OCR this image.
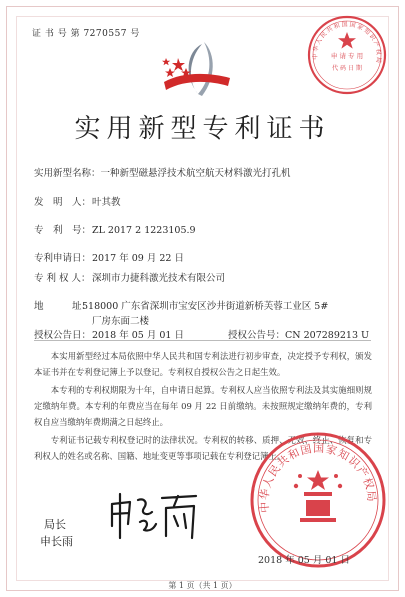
证 书 号 第 7270557 号
申 请 专 用
代 码 日 期
中华人民共和国国家知识产权局
实用新型专利证书
实用新型名称：一种新型磁悬浮技术航空航天材料激光打孔机
发　明　人：叶其教
专　利　号：ZL 2017 2 1223105.9
专利申请日：2017 年 09 月 22 日
专 利 权 人：深圳市力捷科激光技术有限公司
地　　　址：
518000 广东省深圳市宝安区沙井街道新桥芙蓉工业区 5#
厂房东面二楼
授权公告日：2018 年 05 月 01 日	授权公告号：CN 207289213 U
本实用新型经过本局依照中华人民共和国专利法进行初步审查，决定授予专利权，颁发本证书并在专利登记簿上予以登记。专利权自授权公告之日起生效。
本专利的专利权期限为十年，自申请日起算。专利权人应当依照专利法及其实施细则规定缴纳年费。本专利的年费应当在每年 09 月 22 日前缴纳。未按照规定缴纳年费的，专利权自应当缴纳年费期满之日起终止。
专利证书记载专利权登记时的法律状况。专利权的转移、质押、无效、终止、恢复和专利权人的姓名或名称、国籍、地址变更等事项记载在专利登记簿上。
局长
申长雨
中华人民共和国国家知识产权局
2018 年 05 月 01 日
第 1 页（共 1 页）
